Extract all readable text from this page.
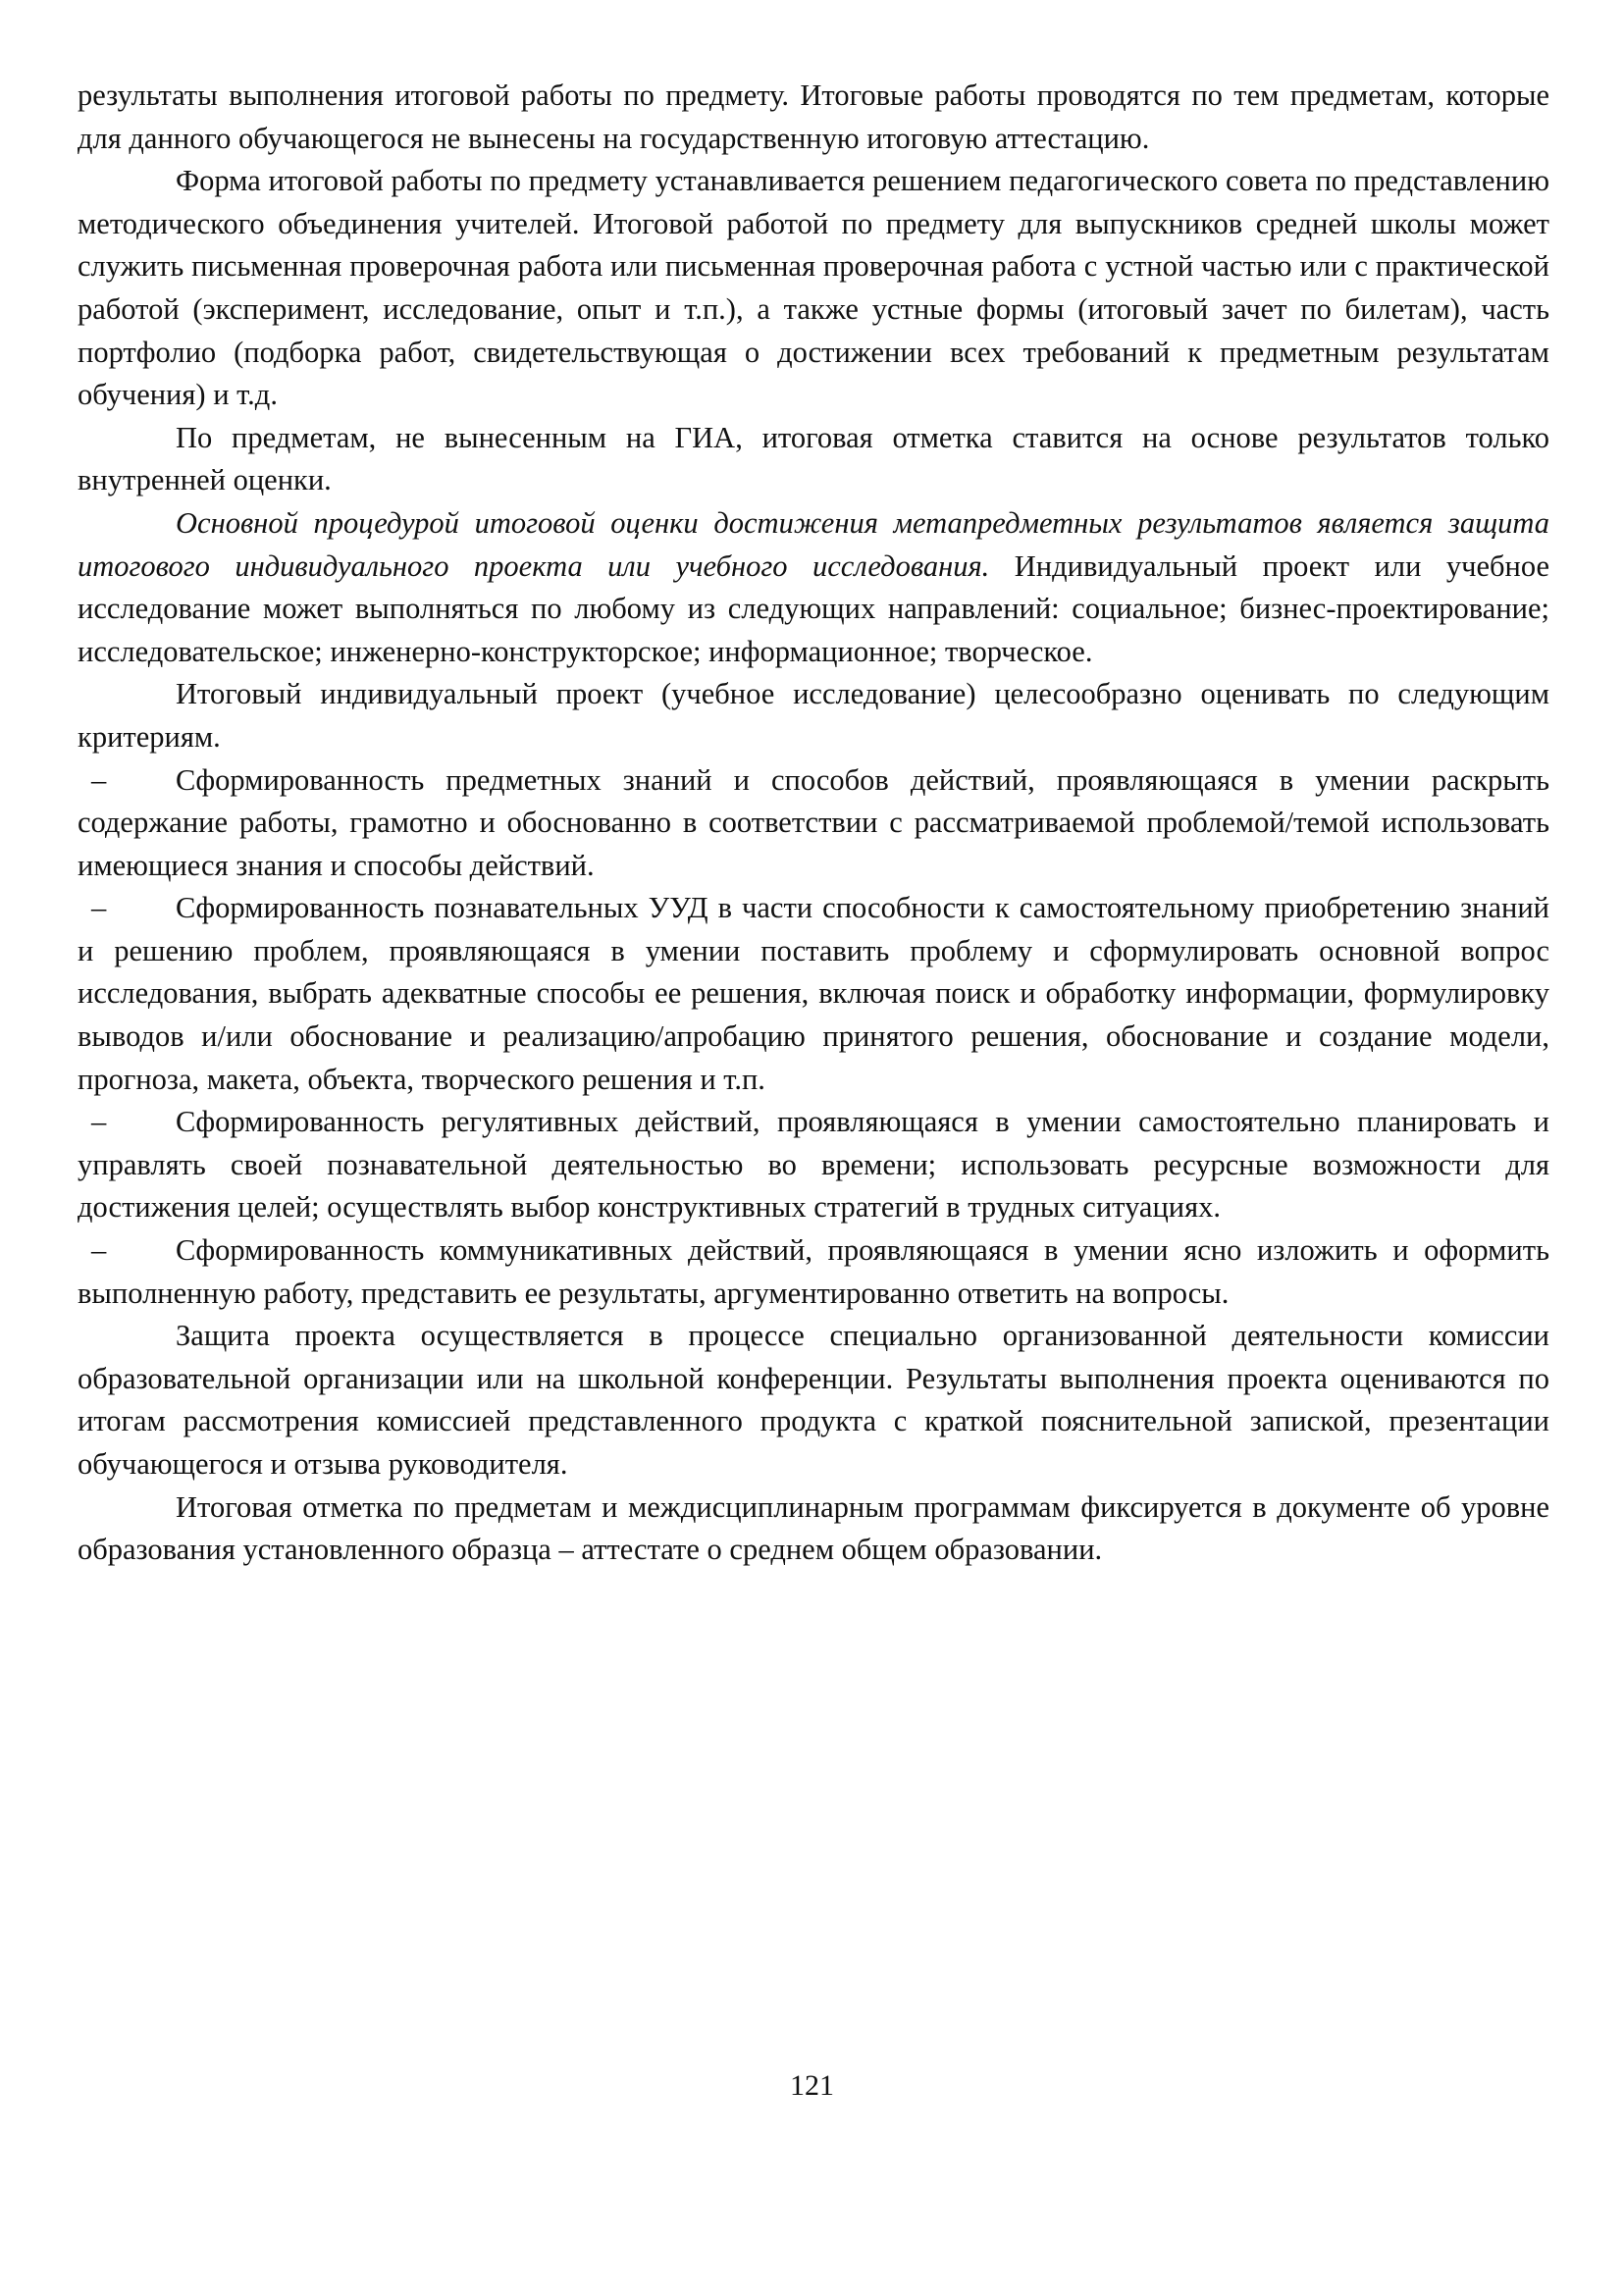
результаты выполнения итоговой работы по предмету. Итоговые работы проводятся по тем предметам, которые для данного обучающегося не вынесены на государственную итоговую аттестацию.

Форма итоговой работы по предмету устанавливается решением педагогического совета по представлению методического объединения учителей. Итоговой работой по предмету для выпускников средней школы может служить письменная проверочная работа или письменная проверочная работа с устной частью или с практической работой (эксперимент, исследование, опыт и т.п.), а также устные формы (итоговый зачет по билетам), часть портфолио (подборка работ, свидетельствующая о достижении всех требований к предметным результатам обучения) и т.д.

По предметам, не вынесенным на ГИА, итоговая отметка ставится на основе результатов только внутренней оценки.

Основной процедурой итоговой оценки достижения метапредметных результатов является защита итогового индивидуального проекта или учебного исследования. Индивидуальный проект или учебное исследование может выполняться по любому из следующих направлений: социальное; бизнес-проектирование; исследовательское; инженерно-конструкторское; информационное; творческое.

Итоговый индивидуальный проект (учебное исследование) целесообразно оценивать по следующим критериям.

– Сформированность предметных знаний и способов действий, проявляющаяся в умении раскрыть содержание работы, грамотно и обоснованно в соответствии с рассматриваемой проблемой/темой использовать имеющиеся знания и способы действий.

– Сформированность познавательных УУД в части способности к самостоятельному приобретению знаний и решению проблем, проявляющаяся в умении поставить проблему и сформулировать основной вопрос исследования, выбрать адекватные способы ее решения, включая поиск и обработку информации, формулировку выводов и/или обоснование и реализацию/апробацию принятого решения, обоснование и создание модели, прогноза, макета, объекта, творческого решения и т.п.

– Сформированность регулятивных действий, проявляющаяся в умении самостоятельно планировать и управлять своей познавательной деятельностью во времени; использовать ресурсные возможности для достижения целей; осуществлять выбор конструктивных стратегий в трудных ситуациях.

– Сформированность коммуникативных действий, проявляющаяся в умении ясно изложить и оформить выполненную работу, представить ее результаты, аргументированно ответить на вопросы.

Защита проекта осуществляется в процессе специально организованной деятельности комиссии образовательной организации или на школьной конференции. Результаты выполнения проекта оцениваются по итогам рассмотрения комиссией представленного продукта с краткой пояснительной запиской, презентации обучающегося и отзыва руководителя.

Итоговая отметка по предметам и междисциплинарным программам фиксируется в документе об уровне образования установленного образца – аттестате о среднем общем образовании.

121
